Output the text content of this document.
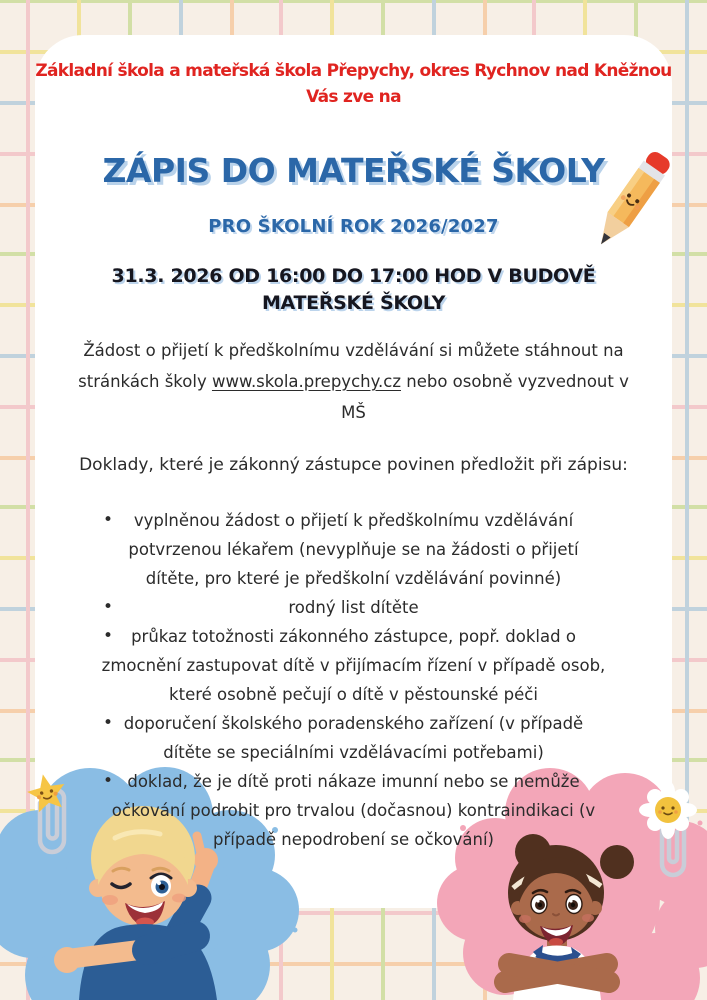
Základní škola a mateřská škola Přepychy, okres Rychnov nad Kněžnou
Vás zve na
ZÁPIS DO MATEŘSKÉ ŠKOLY
PRO ŠKOLNÍ ROK 2026/2027
31.3. 2026 OD 16:00 DO 17:00 HOD V BUDOVĚ
MATEŘSKÉ ŠKOLY

Žádost o přijetí k předškolnímu vzdělávání si můžete stáhnout na stránkách školy www.skola.prepychy.cz nebo osobně vyzvednout v MŠ

Doklady, které je zákonný zástupce povinen předložit při zápisu:
• vyplněnou žádost o přijetí k předškolnímu vzdělávání potvrzenou lékařem (nevyplňuje se na žádosti o přijetí dítěte, pro které je předškolní vzdělávání povinné)
• rodný list dítěte
• průkaz totožnosti zákonného zástupce, popř. doklad o zmocnění zastupovat dítě v přijímacím řízení v případě osob, které osobně pečují o dítě v pěstounské péči
• doporučení školského poradenského zařízení (v případě dítěte se speciálními vzdělávacími potřebami)
• doklad, že je dítě proti nákaze imunní nebo se nemůže očkování podrobit pro trvalou (dočasnou) kontraindikaci (v případě nepodrobení se očkování)
